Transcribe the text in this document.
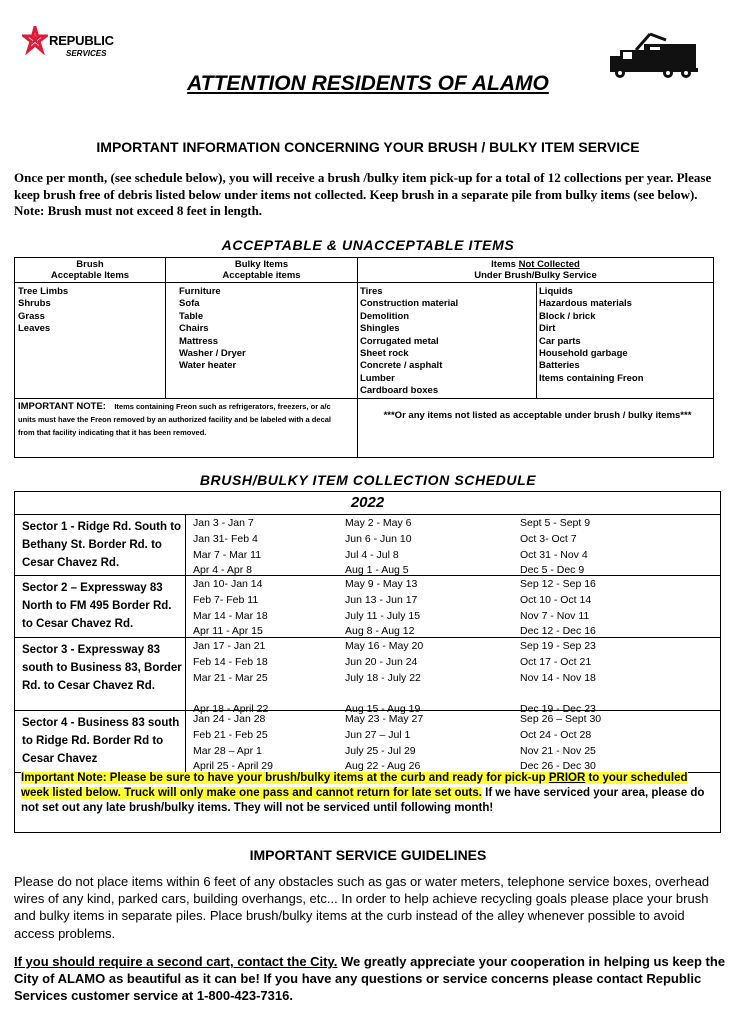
REPUBLIC
SERVICES
ATTENTION RESIDENTS OF ALAMO
IMPORTANT INFORMATION CONCERNING YOUR BRUSH / BULKY ITEM SERVICE
Once per month, (see schedule below), you will receive a brush /bulky item pick-up for a total of 12 collections per year. Please keep brush free of debris listed below under items not collected. Keep brush in a separate pile from bulky items (see below). Note: Brush must not exceed 8 feet in length.
ACCEPTABLE & UNACCEPTABLE ITEMS
Brush
Acceptable Items
Bulky Items
Acceptable items
Items Not Collected
Under Brush/Bulky Service
Tree Limbs
Shrubs
Grass
Leaves
Furniture
Sofa
Table
Chairs
Mattress
Washer / Dryer
Water heater
Tires
Construction material
Demolition
Shingles
Corrugated metal
Sheet rock
Concrete / asphalt
Lumber
Cardboard boxes
Liquids
Hazardous materials
Block / brick
Dirt
Car parts
Household garbage
Batteries
Items containing Freon
IMPORTANT NOTE: Items containing Freon such as refrigerators, freezers, or a/c units must have the Freon removed by an authorized facility and be labeled with a decal from that facility indicating that it has been removed.
***Or any items not listed as acceptable under brush / bulky items***
BRUSH/BULKY ITEM COLLECTION SCHEDULE
2022
Sector 1 - Ridge Rd. South to Bethany St. Border Rd. to Cesar Chavez Rd.
Jan 3 - Jan 7
Jan 31- Feb 4
Mar 7 - Mar 11
Apr 4 - Apr 8
May 2 - May 6
Jun 6 - Jun 10
Jul 4 - Jul 8
Aug 1 - Aug 5
Sept 5 - Sept 9
Oct 3- Oct 7
Oct 31 - Nov 4
Dec 5 - Dec 9
Sector 2 – Expressway 83 North to FM 495 Border Rd. to Cesar Chavez Rd.
Jan 10- Jan 14
Feb 7- Feb 11
Mar 14 - Mar 18
Apr 11 - Apr 15
May 9 - May 13
Jun 13 - Jun 17
July 11 - July 15
Aug 8 - Aug 12
Sep 12 - Sep 16
Oct 10 - Oct 14
Nov 7 - Nov 11
Dec 12 - Dec 16
Sector 3 - Expressway 83 south to Business 83, Border Rd. to Cesar Chavez Rd.
Jan 17 - Jan 21
Feb 14 - Feb 18
Mar 21 - Mar 25
Apr 18 - April 22
May 16 - May 20
Jun 20 - Jun 24
July 18 - July 22
Aug 15 - Aug 19
Sep 19 - Sep 23
Oct 17 - Oct 21
Nov 14 - Nov 18
Dec 19 - Dec 23
Sector 4 - Business 83 south to Ridge Rd. Border Rd to Cesar Chavez
Jan 24 - Jan 28
Feb 21 - Feb 25
Mar 28 – Apr 1
April 25 - April 29
May 23 - May 27
Jun 27 – Jul 1
July 25 - Jul 29
Aug 22 - Aug 26
Sep 26 – Sept 30
Oct 24 - Oct 28
Nov 21 - Nov 25
Dec 26 - Dec 30
Important Note: Please be sure to have your brush/bulky items at the curb and ready for pick-up PRIOR to your scheduled week listed below. Truck will only make one pass and cannot return for late set outs. If we have serviced your area, please do not set out any late brush/bulky items. They will not be serviced until following month!
IMPORTANT SERVICE GUIDELINES
Please do not place items within 6 feet of any obstacles such as gas or water meters, telephone service boxes, overhead wires of any kind, parked cars, building overhangs, etc... In order to help achieve recycling goals please place your brush and bulky items in separate piles. Place brush/bulky items at the curb instead of the alley whenever possible to avoid access problems.
If you should require a second cart, contact the City. We greatly appreciate your cooperation in helping us keep the City of ALAMO as beautiful as it can be! If you have any questions or service concerns please contact Republic Services customer service at 1-800-423-7316.
